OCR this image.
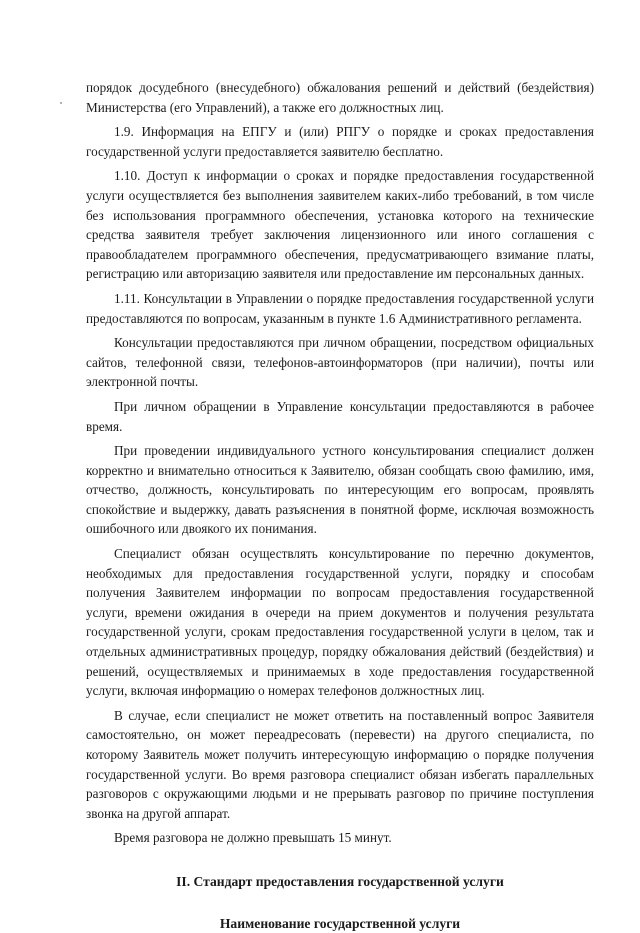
порядок досудебного (внесудебного) обжалования решений и действий (бездействия) Министерства (его Управлений), а также его должностных лиц.

1.9. Информация на ЕПГУ и (или) РПГУ о порядке и сроках предоставления государственной услуги предоставляется заявителю бесплатно.

1.10. Доступ к информации о сроках и порядке предоставления государственной услуги осуществляется без выполнения заявителем каких-либо требований, в том числе без использования программного обеспечения, установка которого на технические средства заявителя требует заключения лицензионного или иного соглашения с правообладателем программного обеспечения, предусматривающего взимание платы, регистрацию или авторизацию заявителя или предоставление им персональных данных.

1.11. Консультации в Управлении о порядке предоставления государственной услуги предоставляются по вопросам, указанным в пункте 1.6 Административного регламента.

Консультации предоставляются при личном обращении, посредством официальных сайтов, телефонной связи, телефонов-автоинформаторов (при наличии), почты или электронной почты.

При личном обращении в Управление консультации предоставляются в рабочее время.

При проведении индивидуального устного консультирования специалист должен корректно и внимательно относиться к Заявителю, обязан сообщать свою фамилию, имя, отчество, должность, консультировать по интересующим его вопросам, проявлять спокойствие и выдержку, давать разъяснения в понятной форме, исключая возможность ошибочного или двоякого их понимания.

Специалист обязан осуществлять консультирование по перечню документов, необходимых для предоставления государственной услуги, порядку и способам получения Заявителем информации по вопросам предоставления государственной услуги, времени ожидания в очереди на прием документов и получения результата государственной услуги, срокам предоставления государственной услуги в целом, так и отдельных административных процедур, порядку обжалования действий (бездействия) и решений, осуществляемых и принимаемых в ходе предоставления государственной услуги, включая информацию о номерах телефонов должностных лиц.

В случае, если специалист не может ответить на поставленный вопрос Заявителя самостоятельно, он может переадресовать (перевести) на другого специалиста, по которому Заявитель может получить интересующую информацию о порядке получения государственной услуги. Во время разговора специалист обязан избегать параллельных разговоров с окружающими людьми и не прерывать разговор по причине поступления звонка на другой аппарат.

Время разговора не должно превышать 15 минут.

II. Стандарт предоставления государственной услуги
Наименование государственной услуги
